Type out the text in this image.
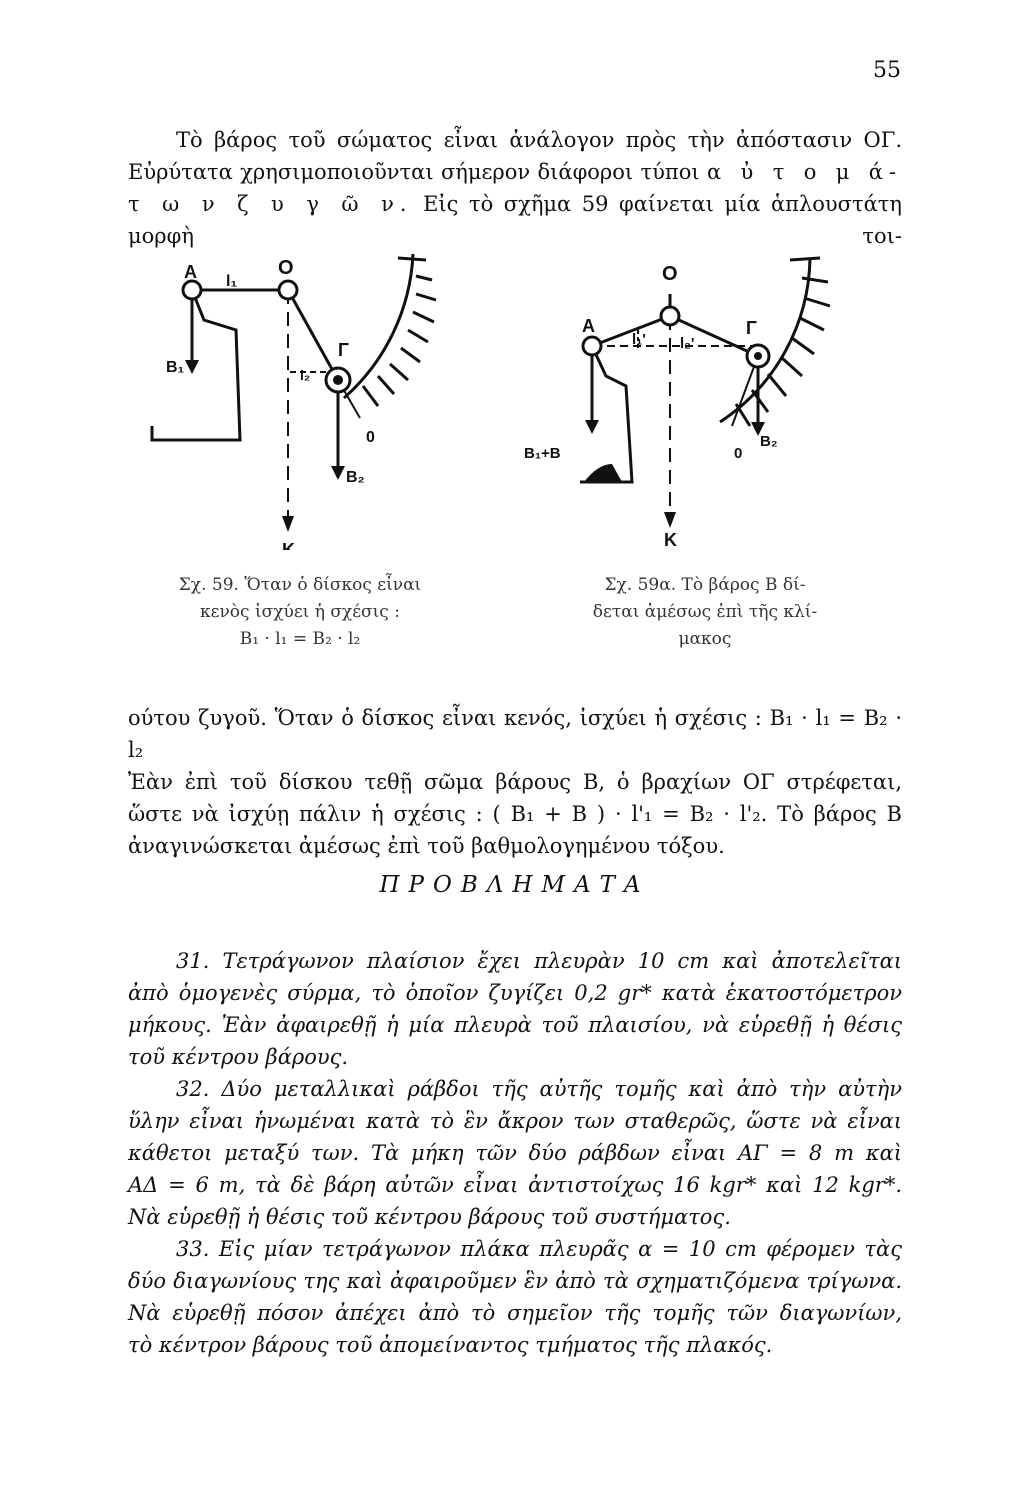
55
Τὸ βάρος τοῦ σώματος εἶναι ἀνάλογον πρὸς τὴν ἀπόστασιν ΟΓ.
Εὐρύτατα χρησιμοποιοῦνται σήμερον διάφοροι τύποι α ὐ τ ο μ ά-
τ ω ν ζ υ γ ῶ ν. Εἰς τὸ σχῆμα 59 φαίνεται μία ἁπλουστάτη μορφὴ τοι-
A l₁
O
B₁	l₂
Γ
0
B₂
K
Σχ. 59. Ὅταν ὁ δίσκος εἶναι
κενὸς ἰσχύει ἡ σχέσις :
B₁ · l₁ = B₂ · l₂
A
O
l₁' l₂'
Γ
B₁+B	0
B₂
K
Σχ. 59α. Τὸ βάρος B δί-
δεται ἀμέσως ἐπὶ τῆς κλί-
μακος
ούτου ζυγοῦ. Ὅταν ὁ δίσκος εἶναι κενός, ἰσχύει ἡ σχέσις : B₁ · l₁ = B₂ · l₂
Ἐὰν ἐπὶ τοῦ δίσκου τεθῇ σῶμα βάρους B, ὁ βραχίων ΟΓ στρέφεται,
ὥστε νὰ ἰσχύῃ πάλιν ἡ σχέσις : ( B₁ + B ) · l'₁ = B₂ · l'₂. Τὸ βάρος B
ἀναγινώσκεται ἀμέσως ἐπὶ τοῦ βαθμολογημένου τόξου.
ΠΡΟΒΛΗΜΑΤΑ
31. Τετράγωνον πλαίσιον ἔχει πλευρὰν 10 cm καὶ ἀποτελεῖται
ἀπὸ ὁμογενὲς σύρμα, τὸ ὁποῖον ζυγίζει 0,2 gr* κατὰ ἑκατοστόμετρον
μήκους. Ἐὰν ἀφαιρεθῇ ἡ μία πλευρὰ τοῦ πλαισίου, νὰ εὑρεθῇ ἡ θέσις
τοῦ κέντρου βάρους.
32. Δύο μεταλλικαὶ ράβδοι τῆς αὐτῆς τομῆς καὶ ἀπὸ τὴν αὐτὴν
ὕλην εἶναι ἡνωμέναι κατὰ τὸ ἓν ἄκρον των σταθερῶς, ὥστε νὰ εἶναι
κάθετοι μεταξύ των. Τὰ μήκη τῶν δύο ράβδων εἶναι ΑΓ = 8 m καὶ
ΑΔ = 6 m, τὰ δὲ βάρη αὐτῶν εἶναι ἀντιστοίχως 16 kgr* καὶ 12 kgr*.
Νὰ εὑρεθῇ ἡ θέσις τοῦ κέντρου βάρους τοῦ συστήματος.
33. Εἰς μίαν τετράγωνον πλάκα πλευρᾶς α = 10 cm φέρομεν τὰς
δύο διαγωνίους της καὶ ἀφαιροῦμεν ἓν ἀπὸ τὰ σχηματιζόμενα τρίγωνα.
Νὰ εὑρεθῇ πόσον ἀπέχει ἀπὸ τὸ σημεῖον τῆς τομῆς τῶν διαγωνίων,
τὸ κέντρον βάρους τοῦ ἀπομείναντος τμήματος τῆς πλακός.
